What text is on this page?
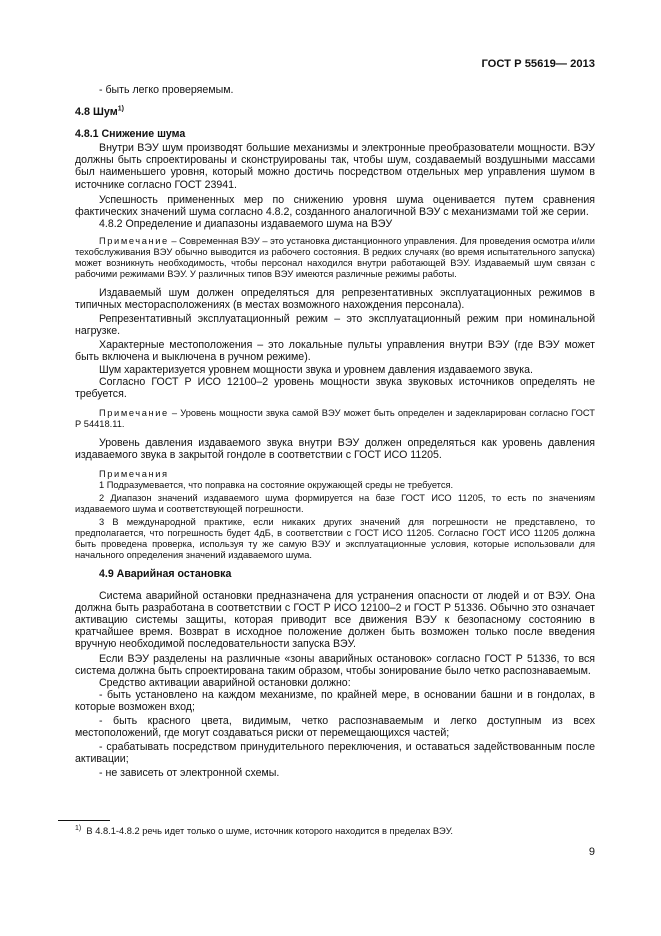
ГОСТ Р 55619— 2013

- быть легко проверяемым.

4.8 Шум$^{1)}$
4.8.1 Снижение шума

Внутри ВЭУ шум производят большие механизмы и электронные преобразователи мощности. ВЭУ должны быть спроектированы и сконструированы так, чтобы шум, создаваемый воздушными массами был наименьшего уровня, который можно достичь посредством отдельных мер управления шумом в источнике согласно ГОСТ 23941.

Успешность примененных мер по снижению уровня шума оценивается путем сравнения фактических значений шума согласно 4.8.2, созданного аналогичной ВЭУ с механизмами той же серии.

4.8.2 Определение и диапазоны издаваемого шума на ВЭУ

Примечание – Современная ВЭУ – это установка дистанционного управления. Для проведения осмотра и/или техобслуживания ВЭУ обычно выводится из рабочего состояния. В редких случаях (во время испытательного запуска) может возникнуть необходимость, чтобы персонал находился внутри работающей ВЭУ. Издаваемый шум связан с рабочими режимами ВЭУ. У различных типов ВЭУ имеются различные режимы работы.

Издаваемый шум должен определяться для репрезентативных эксплуатационных режимов в типичных месторасположениях (в местах возможного нахождения персонала).

Репрезентативный эксплуатационный режим – это эксплуатационный режим при номинальной нагрузке.

Характерные местоположения – это локальные пульты управления внутри ВЭУ (где ВЭУ может быть включена и выключена в ручном режиме).

Шум характеризуется уровнем мощности звука и уровнем давления издаваемого звука.

Согласно ГОСТ Р ИСО 12100–2 уровень мощности звука звуковых источников определять не требуется.

Примечание – Уровень мощности звука самой ВЭУ может быть определен и задекларирован согласно ГОСТ Р 54418.11.

Уровень давления издаваемого звука внутри ВЭУ должен определяться как уровень давления издаваемого звука в закрытой гондоле в соответствии с ГОСТ ИСО 11205.

Примечания

1 Подразумевается, что поправка на состояние окружающей среды не требуется.

2 Диапазон значений издаваемого шума формируется на базе ГОСТ ИСО 11205, то есть по значениям издаваемого шума и соответствующей погрешности.

3 В международной практике, если никаких других значений для погрешности не представлено, то предполагается, что погрешность будет 4дБ, в соответствии с ГОСТ ИСО 11205. Согласно ГОСТ ИСО 11205 должна быть проведена проверка, используя ту же самую ВЭУ и эксплуатационные условия, которые использовали для начального определения значений издаваемого шума.

4.9 Аварийная остановка

Система аварийной остановки предназначена для устранения опасности от людей и от ВЭУ. Она должна быть разработана в соответствии с ГОСТ Р ИСО 12100–2 и ГОСТ Р 51336. Обычно это означает активацию системы защиты, которая приводит все движения ВЭУ к безопасному состоянию в кратчайшее время. Возврат в исходное положение должен быть возможен только после введения вручную необходимой последовательности запуска ВЭУ.

Если ВЭУ разделены на различные «зоны аварийных остановок» согласно ГОСТ Р 51336, то вся система должна быть спроектирована таким образом, чтобы зонирование было четко распознаваемым.

Средство активации аварийной остановки должно:

- быть установлено на каждом механизме, по крайней мере, в основании башни и в гондолах, в которые возможен вход;

- быть красного цвета, видимым, четко распознаваемым и легко доступным из всех местоположений, где могут создаваться риски от перемещающихся частей;

- срабатывать посредством принудительного переключения, и оставаться задействованным после активации;

- не зависеть от электронной схемы.

$^{1)}$ В 4.8.1-4.8.2 речь идет только о шуме, источник которого находится в пределах ВЭУ.
9
